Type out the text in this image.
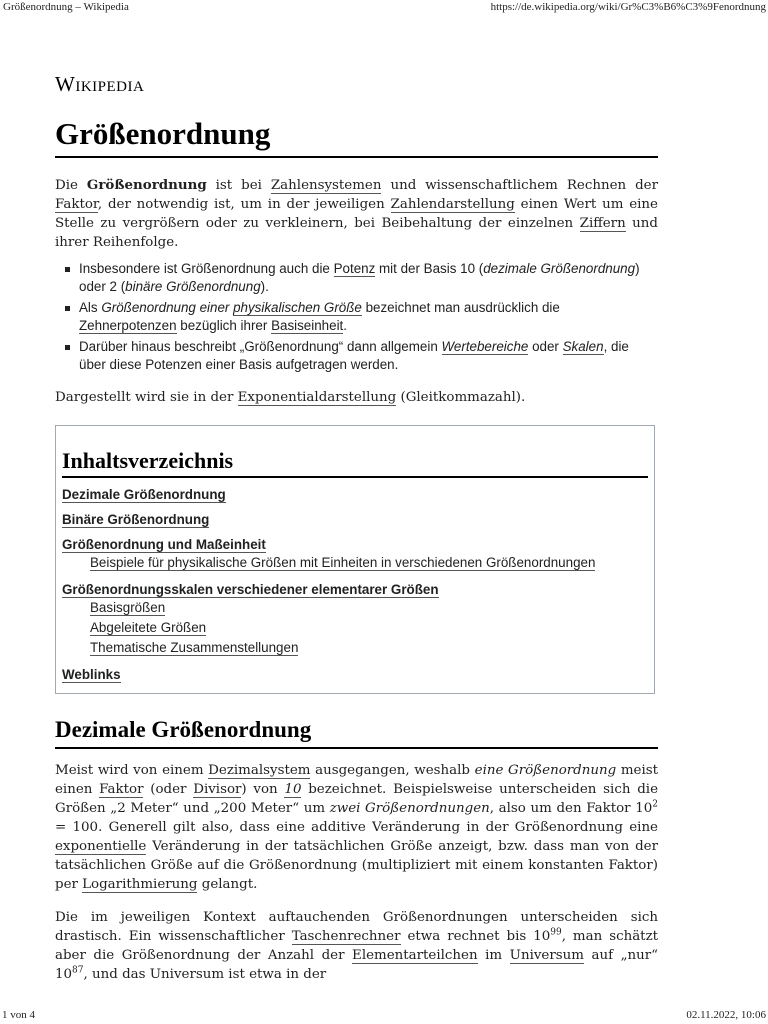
Größenordnung – Wikipedia	https://de.wikipedia.org/wiki/Gr%C3%B6%C3%9Fenordnung
Wikipedia
Größenordnung

Die Größenordnung ist bei Zahlensystemen und wissenschaftlichem Rechnen der Faktor, der notwendig ist, um in der jeweiligen Zahlendarstellung einen Wert um eine Stelle zu vergrößern oder zu verkleinern, bei Beibehaltung der einzelnen Ziffern und ihrer Reihenfolge.

Insbesondere ist Größenordnung auch die Potenz mit der Basis 10 (dezimale Größenordnung) oder 2 (binäre Größenordnung).
Als Größenordnung einer physikalischen Größe bezeichnet man ausdrücklich die Zehnerpotenzen bezüglich ihrer Basiseinheit.
Darüber hinaus beschreibt „Größenordnung“ dann allgemein Wertebereiche oder Skalen, die über diese Potenzen einer Basis aufgetragen werden.

Dargestellt wird sie in der Exponentialdarstellung (Gleitkommazahl).

Inhaltsverzeichnis
Dezimale Größenordnung
Binäre Größenordnung
Größenordnung und Maßeinheit
Beispiele für physikalische Größen mit Einheiten in verschiedenen Größenordnungen
Größenordnungsskalen verschiedener elementarer Größen
Basisgrößen
Abgeleitete Größen
Thematische Zusammenstellungen
Weblinks
Dezimale Größenordnung

Meist wird von einem Dezimalsystem ausgegangen, weshalb eine Größenordnung meist einen Faktor (oder Divisor) von 10 bezeichnet. Beispielsweise unterscheiden sich die Größen „2 Meter“ und „200 Meter“ um zwei Größenordnungen, also um den Faktor $10^2 = 100$. Generell gilt also, dass eine additive Veränderung in der Größenordnung eine exponentielle Veränderung in der tatsächlichen Größe anzeigt, bzw. dass man von der tatsächlichen Größe auf die Größenordnung (multipliziert mit einem konstanten Faktor) per Logarithmierung gelangt.

Die im jeweiligen Kontext auftauchenden Größenordnungen unterscheiden sich drastisch. Ein wissenschaftlicher Taschenrechner etwa rechnet bis $10^{99}$, man schätzt aber die Größenordnung der Anzahl der Elementarteilchen im Universum auf „nur“ $10^{87}$, und das Universum ist etwa in der

1 von 4	02.11.2022, 10:06
